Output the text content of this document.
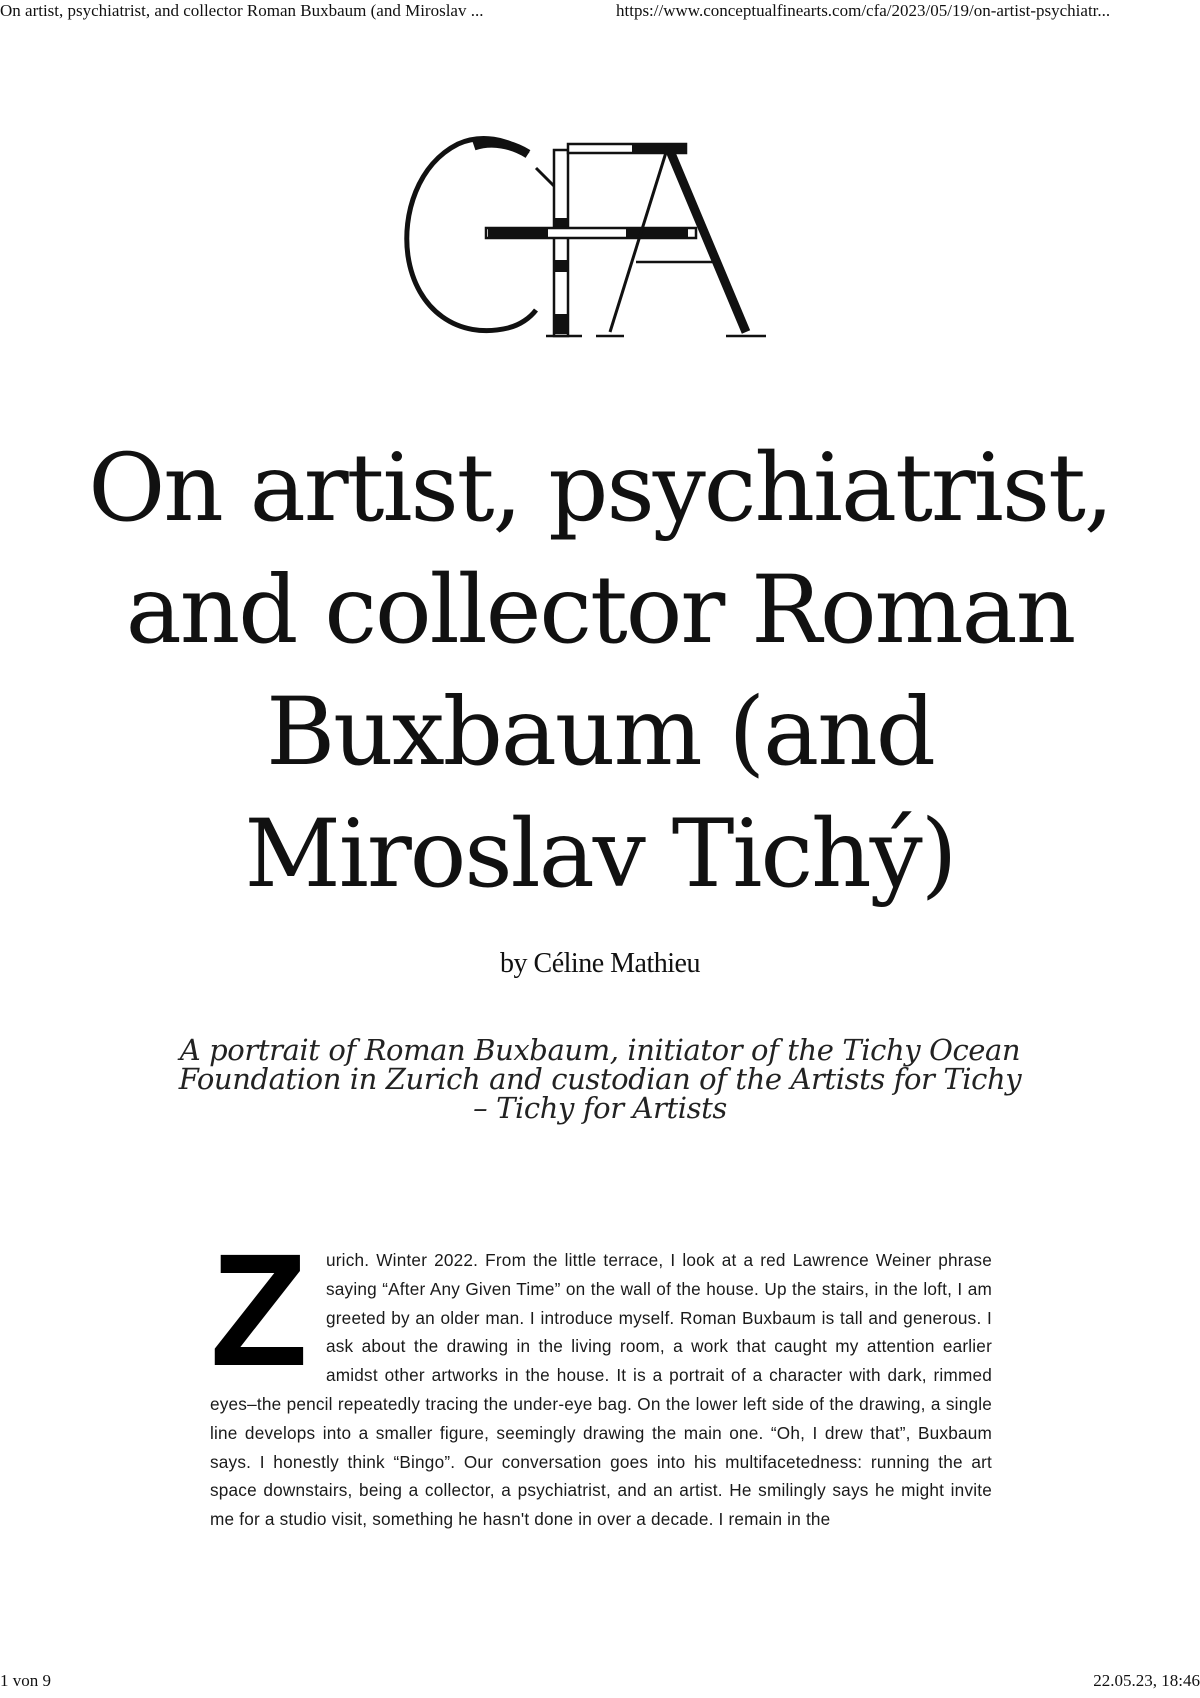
On artist, psychiatrist, and collector Roman Buxbaum (and Miroslav ...	https://www.conceptualfinearts.com/cfa/2023/05/19/on-artist-psychiatr...
On artist, psychiatrist, and collector Roman Buxbaum (and Miroslav Tichý)
by Céline Mathieu
A portrait of Roman Buxbaum, initiator of the Tichy Ocean Foundation in Zurich and custodian of the Artists for Tichy – Tichy for Artists
Z	urich. Winter 2022. From the little terrace, I look at a red Lawrence Weiner phrase saying “After Any Given Time” on the wall of the house. Up the stairs, in the loft, I am greeted by an older man. I introduce myself. Roman Buxbaum is tall and generous. I ask about the drawing in the living room, a work that caught my attention earlier amidst other artworks in the house. It is a portrait of a character with dark, rimmed eyes–the pencil repeatedly tracing the under-eye bag. On the lower left side of the drawing, a single line develops into a smaller figure, seemingly drawing the main one. “Oh, I drew that”, Buxbaum says. I honestly think “Bingo”. Our conversation goes into his multifacetedness: running the art space downstairs, being a collector, a psychiatrist, and an artist. He smilingly says he might invite me for a studio visit, something he hasn't done in over a decade. I remain in the
1 von 9	22.05.23, 18:46
